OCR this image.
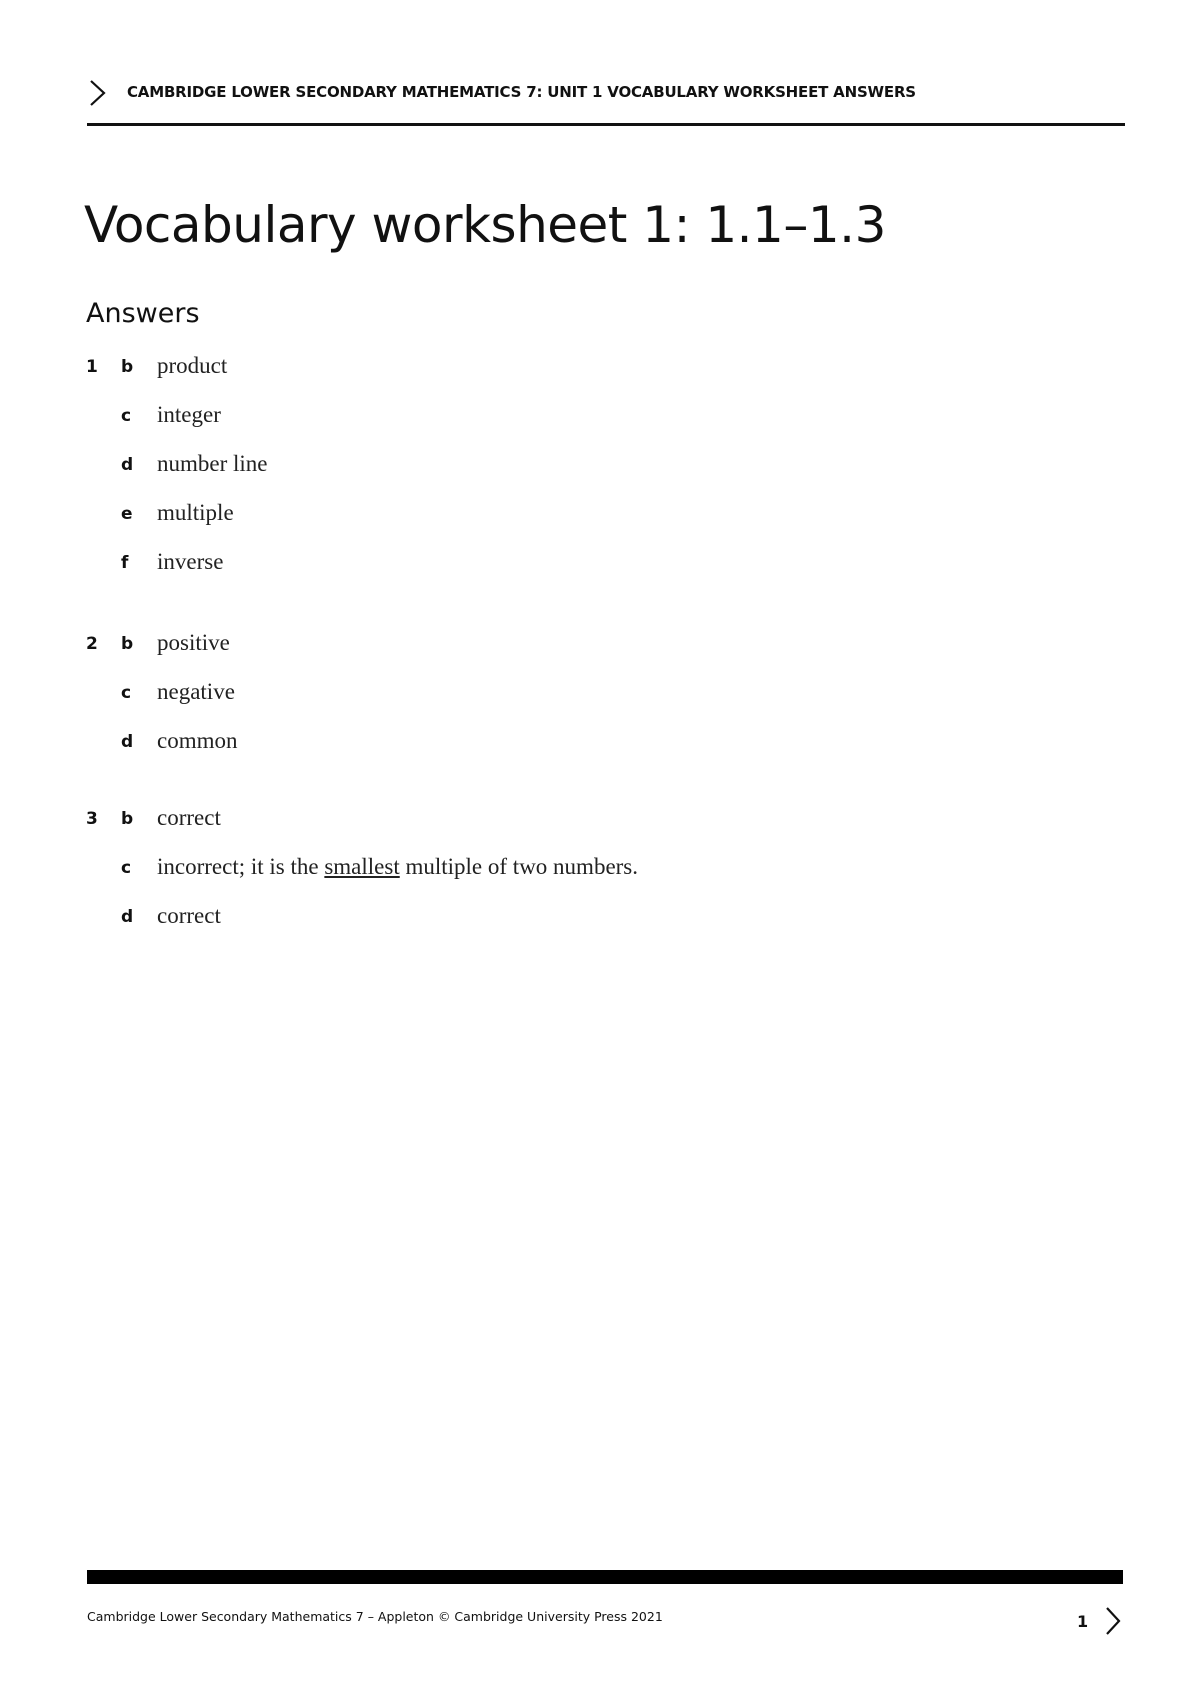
CAMBRIDGE LOWER SECONDARY MATHEMATICS 7: UNIT 1 VOCABULARY WORKSHEET ANSWERS
Vocabulary worksheet 1: 1.1–1.3
Answers
1 b product
c integer
d number line
e multiple
f inverse
2 b positive
c negative
d common
3 b correct
c incorrect; it is the smallest multiple of two numbers.
d correct
Cambridge Lower Secondary Mathematics 7 – Appleton © Cambridge University Press 2021	1
